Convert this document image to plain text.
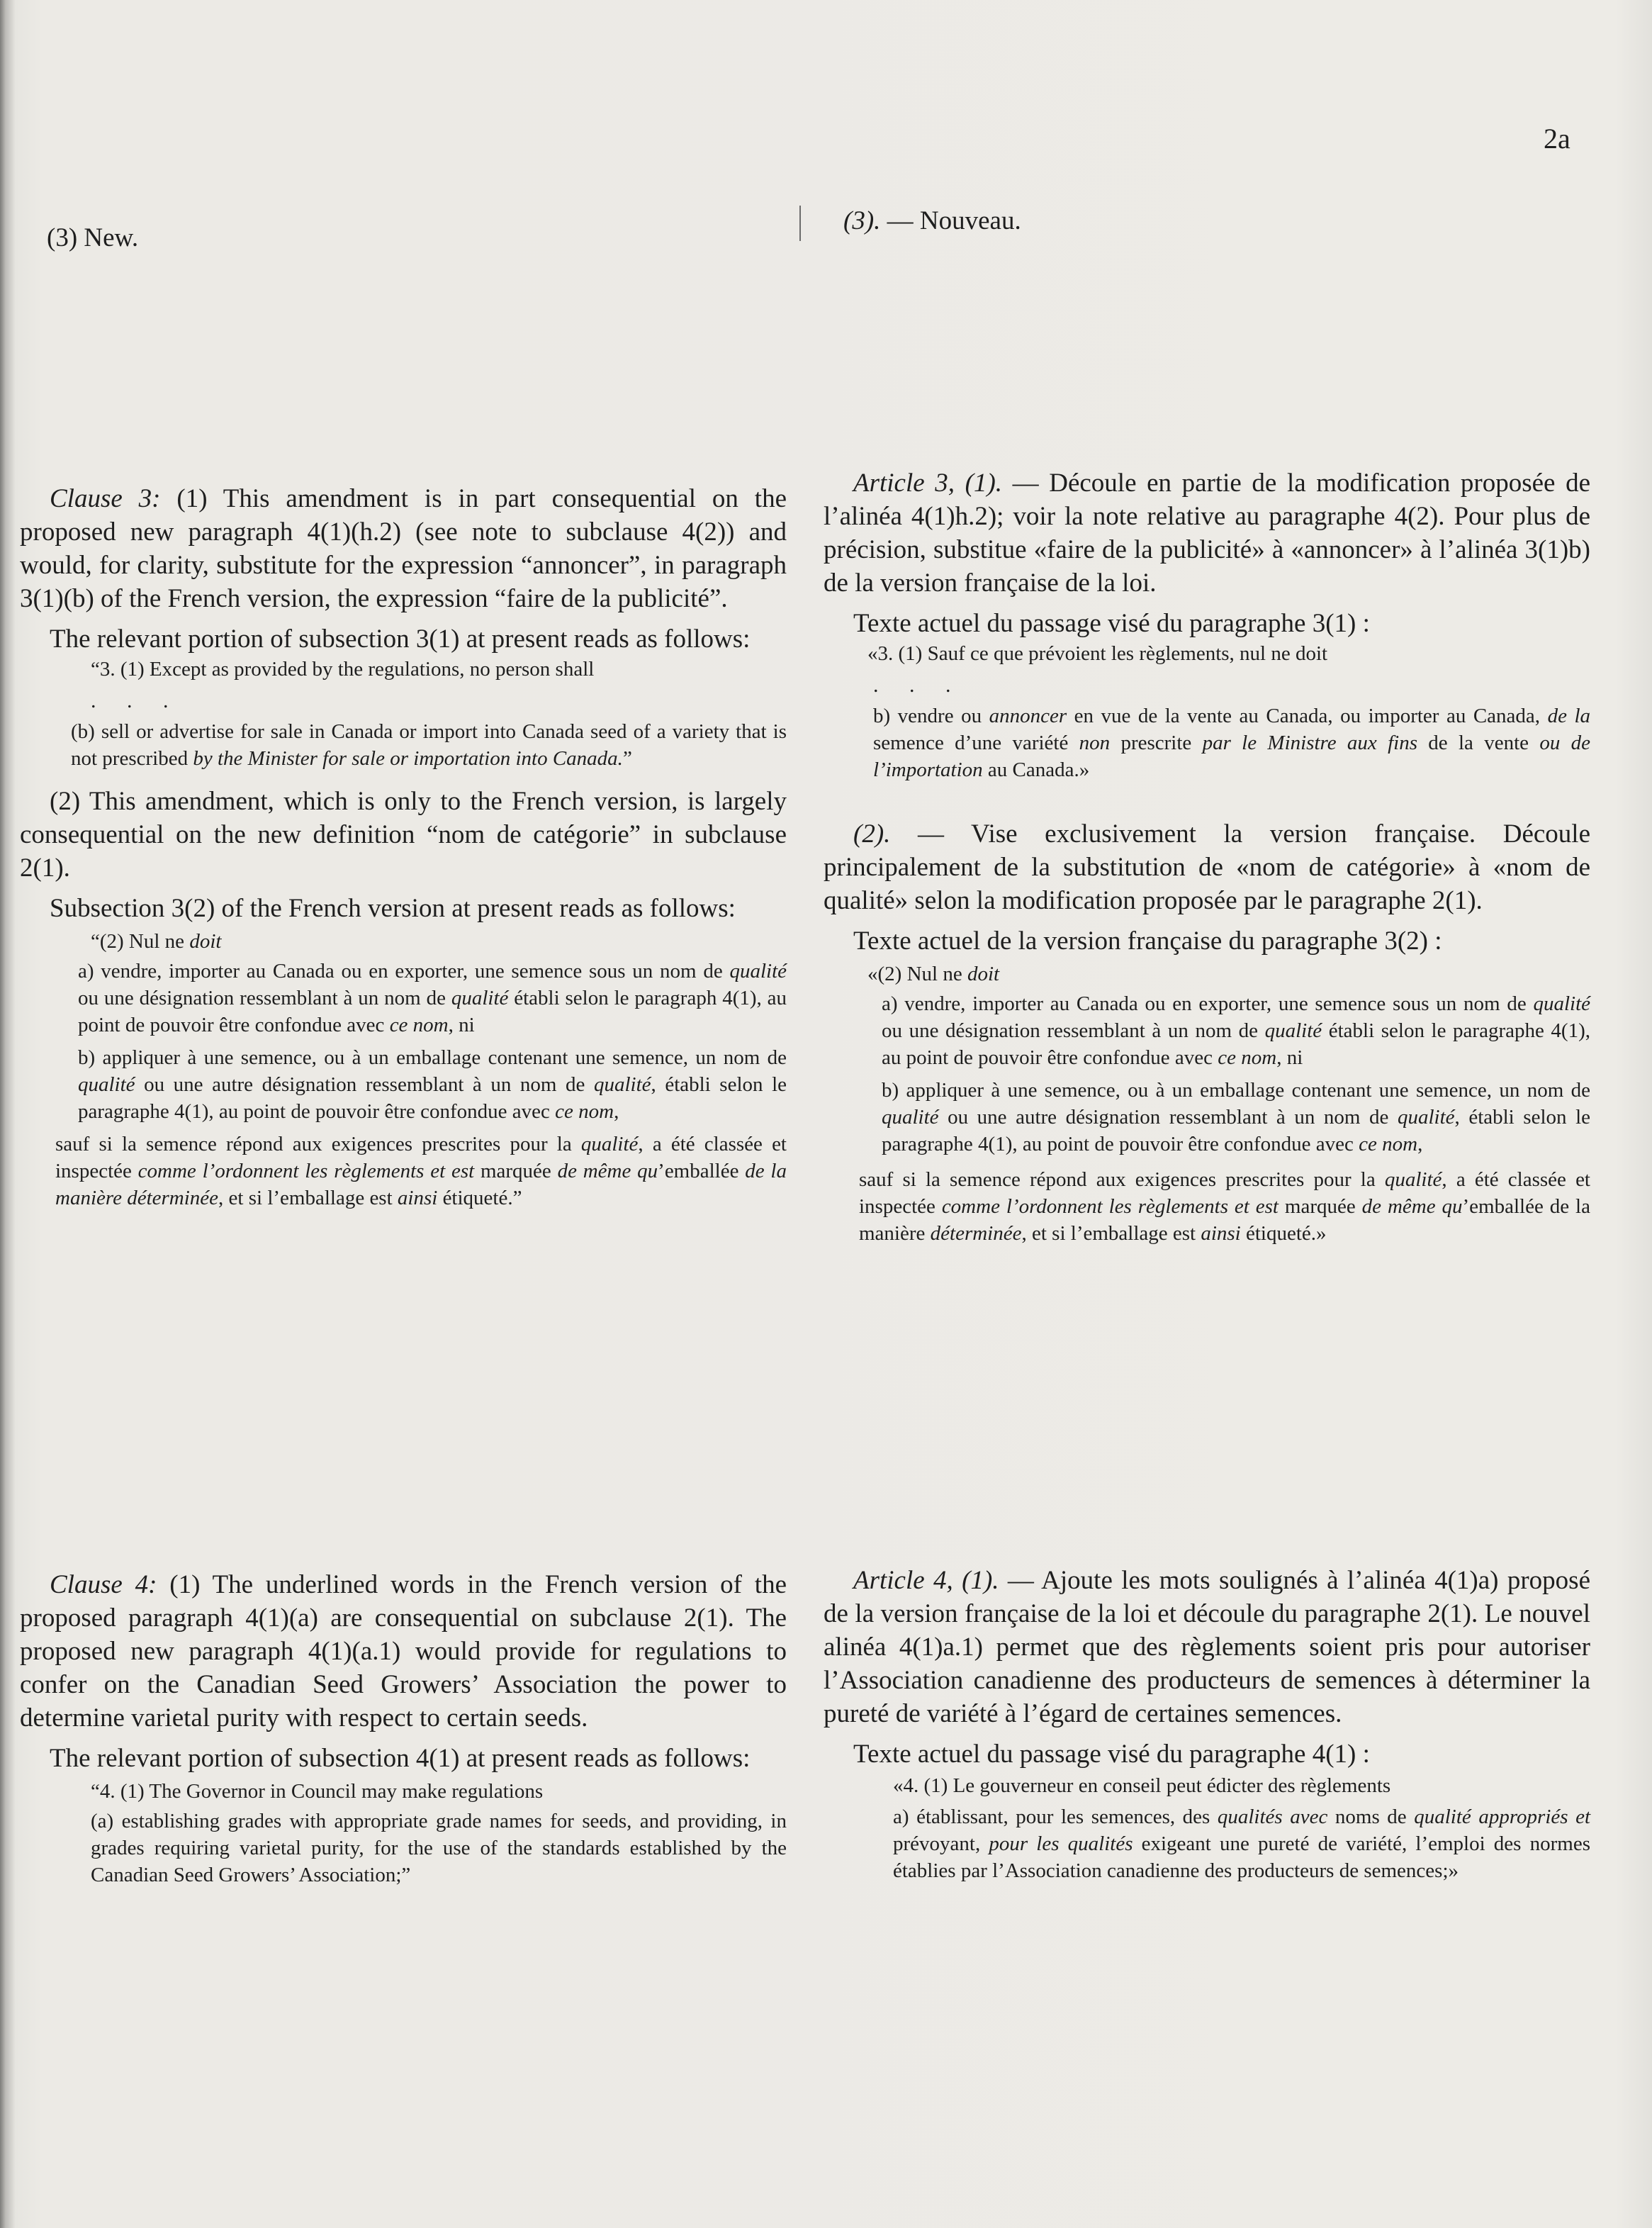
2a

(3) New.

Clause 3: (1) This amendment is in part consequential on the proposed new paragraph 4(1)(h.2) (see note to subclause 4(2)) and would, for clarity, substitute for the expression “annoncer”, in paragraph 3(1)(b) of the French version, the expression “faire de la publicité”.

The relevant portion of subsection 3(1) at present reads as follows:

“3. (1) Except as provided by the regulations, no person shall

. . .

(b) sell or advertise for sale in Canada or import into Canada seed of a variety that is not prescribed by the Minister for sale or importation into Canada.”

(2) This amendment, which is only to the French version, is largely consequential on the new definition “nom de catégorie” in subclause 2(1).

Subsection 3(2) of the French version at present reads as follows:

“(2) Nul ne doit

a) vendre, importer au Canada ou en exporter, une semence sous un nom de qualité ou une désignation ressemblant à un nom de qualité établi selon le paragraph 4(1), au point de pouvoir être confondue avec ce nom, ni

b) appliquer à une semence, ou à un emballage contenant une semence, un nom de qualité ou une autre désignation ressemblant à un nom de qualité, établi selon le paragraphe 4(1), au point de pouvoir être confondue avec ce nom,

sauf si la semence répond aux exigences prescrites pour la qualité, a été classée et inspectée comme l’ordonnent les règlements et est marquée de même qu’emballée de la manière déterminée, et si l’emballage est ainsi étiqueté.”

Clause 4: (1) The underlined words in the French version of the proposed paragraph 4(1)(a) are consequential on subclause 2(1). The proposed new paragraph 4(1)(a.1) would provide for regulations to confer on the Canadian Seed Growers’ Association the power to determine varietal purity with respect to certain seeds.

The relevant portion of subsection 4(1) at present reads as follows:

“4. (1) The Governor in Council may make regulations

(a) establishing grades with appropriate grade names for seeds, and providing, in grades requiring varietal purity, for the use of the standards established by the Canadian Seed Growers’ Association;”

(3). — Nouveau.

Article 3, (1). — Découle en partie de la modification proposée de l’alinéa 4(1)h.2); voir la note relative au paragraphe 4(2). Pour plus de précision, substitue «faire de la publicité» à «annoncer» à l’alinéa 3(1)b) de la version française de la loi.

Texte actuel du passage visé du paragraphe 3(1) :

«3. (1) Sauf ce que prévoient les règlements, nul ne doit

. . .

b) vendre ou annoncer en vue de la vente au Canada, ou importer au Canada, de la semence d’une variété non prescrite par le Ministre aux fins de la vente ou de l’importation au Canada.»

(2). — Vise exclusivement la version française. Découle principalement de la substitution de «nom de catégorie» à «nom de qualité» selon la modification proposée par le paragraphe 2(1).

Texte actuel de la version française du paragraphe 3(2) :

«(2) Nul ne doit

a) vendre, importer au Canada ou en exporter, une semence sous un nom de qualité ou une désignation ressemblant à un nom de qualité établi selon le paragraphe 4(1), au point de pouvoir être confondue avec ce nom, ni

b) appliquer à une semence, ou à un emballage contenant une semence, un nom de qualité ou une autre désignation ressemblant à un nom de qualité, établi selon le paragraphe 4(1), au point de pouvoir être confondue avec ce nom,

sauf si la semence répond aux exigences prescrites pour la qualité, a été classée et inspectée comme l’ordonnent les règlements et est marquée de même qu’emballée de la manière déterminée, et si l’emballage est ainsi étiqueté.»

Article 4, (1). — Ajoute les mots soulignés à l’alinéa 4(1)a) proposé de la version française de la loi et découle du paragraphe 2(1). Le nouvel alinéa 4(1)a.1) permet que des règlements soient pris pour autoriser l’Association canadienne des producteurs de semences à déterminer la pureté de variété à l’égard de certaines semences.

Texte actuel du passage visé du paragraphe 4(1) :

«4. (1) Le gouverneur en conseil peut édicter des règlements

a) établissant, pour les semences, des qualités avec noms de qualité appropriés et prévoyant, pour les qualités exigeant une pureté de variété, l’emploi des normes établies par l’Association canadienne des producteurs de semences;»
